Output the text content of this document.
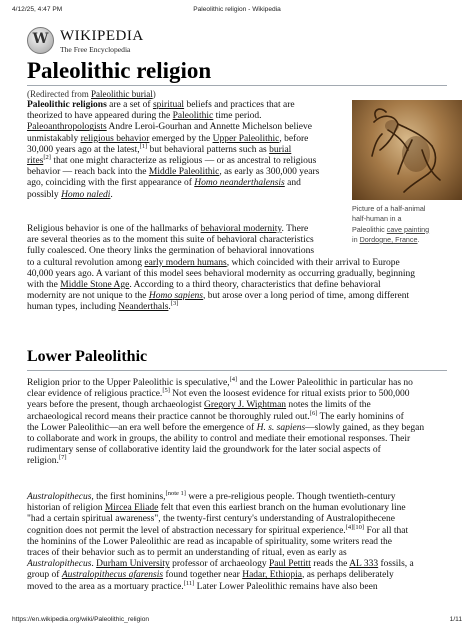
4/12/25, 4:47 PM	Paleolithic religion - Wikipedia
W WIKIPEDIA
The Free Encyclopedia
Paleolithic religion
(Redirected from Paleolithic burial)
Picture of a half-animal
half-human in a
Paleolithic cave painting
in Dordogne, France.
Paleolithic religions are a set of spiritual beliefs and practices that are
theorized to have appeared during the Paleolithic time period.
Paleoanthropologists Andre Leroi-Gourhan and Annette Michelson believe
unmistakably religious behavior emerged by the Upper Paleolithic, before
30,000 years ago at the latest,[1] but behavioral patterns such as burial
rites[2] that one might characterize as religious — or as ancestral to religious
behavior — reach back into the Middle Paleolithic, as early as 300,000 years
ago, coinciding with the first appearance of Homo neanderthalensis and
possibly Homo naledi.
Religious behavior is one of the hallmarks of behavioral modernity. There
are several theories as to the moment this suite of behavioral characteristics
fully coalesced. One theory links the germination of behavioral innovations
to a cultural revolution among early modern humans, which coincided with their arrival to Europe
40,000 years ago. A variant of this model sees behavioral modernity as occurring gradually, beginning
with the Middle Stone Age. According to a third theory, characteristics that define behavioral
modernity are not unique to the Homo sapiens, but arose over a long period of time, among different
human types, including Neanderthals.[3]
Lower Paleolithic
Religion prior to the Upper Paleolithic is speculative,[4] and the Lower Paleolithic in particular has no
clear evidence of religious practice.[5] Not even the loosest evidence for ritual exists prior to 500,000
years before the present, though archaeologist Gregory J. Wightman notes the limits of the
archaeological record means their practice cannot be thoroughly ruled out.[6] The early hominins of
the Lower Paleolithic—an era well before the emergence of H. s. sapiens—slowly gained, as they began
to collaborate and work in groups, the ability to control and mediate their emotional responses. Their
rudimentary sense of collaborative identity laid the groundwork for the later social aspects of
religion.[7]
Australopithecus, the first hominins,[note 1] were a pre-religious people. Though twentieth-century
historian of religion Mircea Eliade felt that even this earliest branch on the human evolutionary line
"had a certain spiritual awareness", the twenty-first century's understanding of Australopithecene
cognition does not permit the level of abstraction necessary for spiritual experience.[4][10] For all that
the hominins of the Lower Paleolithic are read as incapable of spirituality, some writers read the
traces of their behavior such as to permit an understanding of ritual, even as early as
Australopithecus. Durham University professor of archaeology Paul Pettitt reads the AL 333 fossils, a
group of Australopithecus afarensis found together near Hadar, Ethiopia, as perhaps deliberately
moved to the area as a mortuary practice.[11] Later Lower Paleolithic remains have also been
https://en.wikipedia.org/wiki/Paleolithic_religion	1/11
